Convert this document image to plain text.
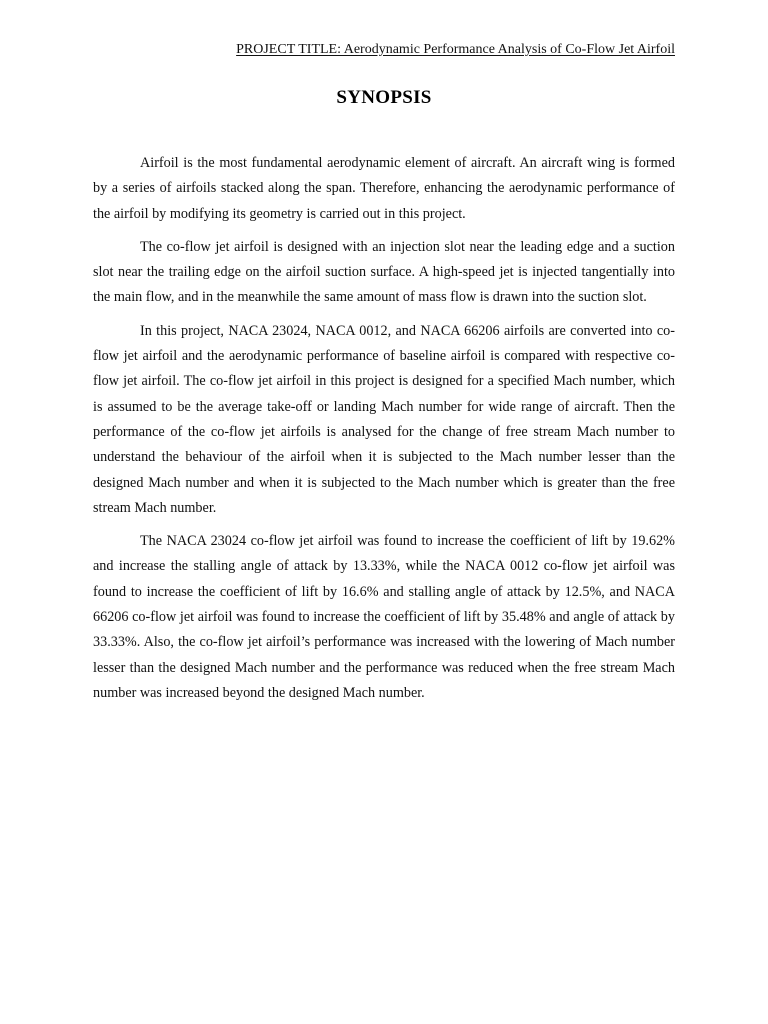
PROJECT TITLE: Aerodynamic Performance Analysis of Co-Flow Jet Airfoil
SYNOPSIS

Airfoil is the most fundamental aerodynamic element of aircraft. An aircraft wing is formed by a series of airfoils stacked along the span. Therefore, enhancing the aerodynamic performance of the airfoil by modifying its geometry is carried out in this project.

The co-flow jet airfoil is designed with an injection slot near the leading edge and a suction slot near the trailing edge on the airfoil suction surface. A high-speed jet is injected tangentially into the main flow, and in the meanwhile the same amount of mass flow is drawn into the suction slot.

In this project, NACA 23024, NACA 0012, and NACA 66206 airfoils are converted into co-flow jet airfoil and the aerodynamic performance of baseline airfoil is compared with respective co-flow jet airfoil. The co-flow jet airfoil in this project is designed for a specified Mach number, which is assumed to be the average take-off or landing Mach number for wide range of aircraft. Then the performance of the co-flow jet airfoils is analysed for the change of free stream Mach number to understand the behaviour of the airfoil when it is subjected to the Mach number lesser than the designed Mach number and when it is subjected to the Mach number which is greater than the free stream Mach number.

The NACA 23024 co-flow jet airfoil was found to increase the coefficient of lift by 19.62% and increase the stalling angle of attack by 13.33%, while the NACA 0012 co-flow jet airfoil was found to increase the coefficient of lift by 16.6% and stalling angle of attack by 12.5%, and NACA 66206 co-flow jet airfoil was found to increase the coefficient of lift by 35.48% and angle of attack by 33.33%. Also, the co-flow jet airfoil’s performance was increased with the lowering of Mach number lesser than the designed Mach number and the performance was reduced when the free stream Mach number was increased beyond the designed Mach number.
